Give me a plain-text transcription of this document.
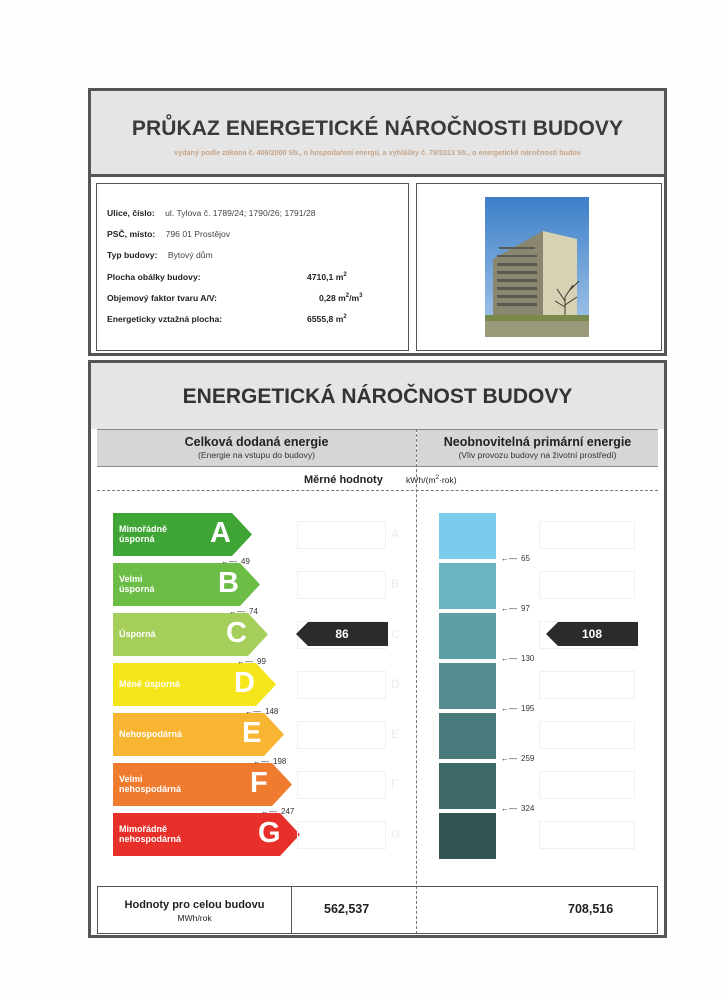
PRŮKAZ ENERGETICKÉ NÁROČNOSTI BUDOVY
vydaný podle zákona č. 406/2000 Sb., o hospodaření energií, a vyhlášky č. 78/2013 Sb., o energetické náročnosti budov
Ulice, číslo: ul. Tylova č. 1789/24; 1790/26; 1791/28
PSČ, místo: 796 01 Prostějov
Typ budovy: Bytový dům
Plocha obálky budovy:	4710,1 $m^2$
Objemový faktor tvaru A/V:	0,28 $m^2/m^3$
Energeticky vztažná plocha:	6555,8 $m^2$
ENERGETICKÁ NÁROČNOST BUDOVY
Celková dodaná energie
(Energie na vstupu do budovy)
Neobnovitelná primární energie
(Vliv provozu budovy na životní prostředí)
Měrné hodnoty	kWh/$(m^2\cdot rok)$
Mimořádně
úsporná	A	A
Velmi
úsporná B	B
Úsporná C	C
Méně úsporná D	D
Nehospodárná E	E
Velmi
nehospodárná F	F
Mimořádně
nehospodárná	G	G
←— 49
←— 74
←— 99
←— 148
←— 198
←— 247
←— 65
←— 97
←— 130
←— 195
←— 259
←— 324
86	108
Hodnoty pro celou budovu
MWh/rok
562,537	708,516
